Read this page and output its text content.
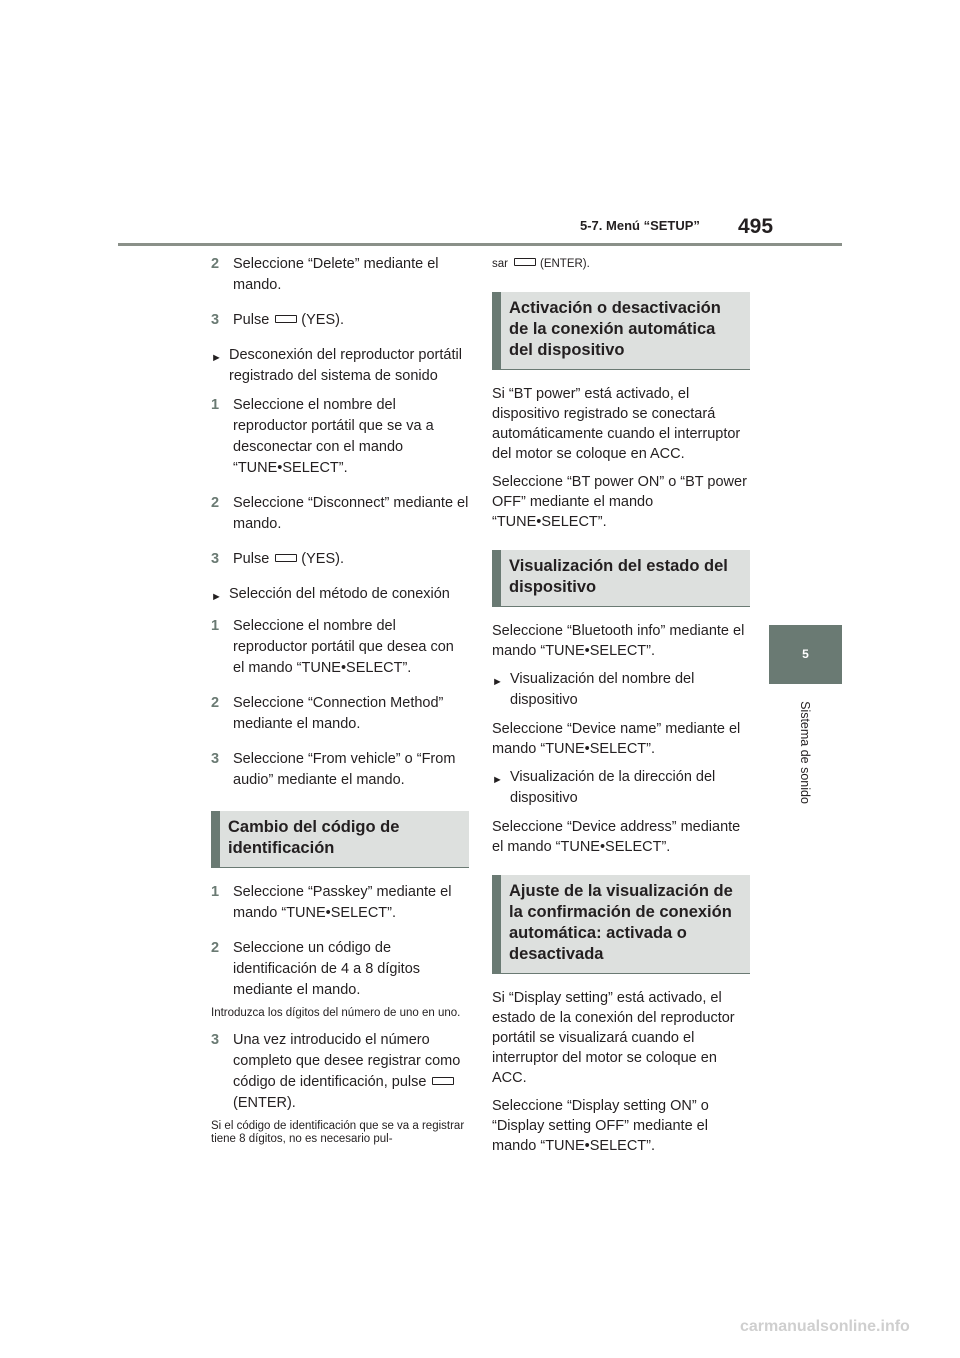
5-7. Menú “SETUP” 495
5
Sistema de sonido
2 Seleccione “Delete” mediante el mando.
3 Pulse (YES).
► Desconexión del reproductor portátil registrado del sistema de sonido
1 Seleccione el nombre del reproductor portátil que se va a desconectar con el mando “TUNE•SELECT”.
2 Seleccione “Disconnect” mediante el mando.
3 Pulse (YES).
► Selección del método de conexión
1 Seleccione el nombre del reproductor portátil que desea con el mando “TUNE•SELECT”.
2 Seleccione “Connection Method” mediante el mando.
3 Seleccione “From vehicle” o “From audio” mediante el mando.
Cambio del código de identificación
1 Seleccione “Passkey” mediante el mando “TUNE•SELECT”.
2 Seleccione un código de identificación de 4 a 8 dígitos mediante el mando.
Introduzca los dígitos del número de uno en uno.
3 Una vez introducido el número completo que desee registrar como código de identificación, pulse(ENTER).
Si el código de identificación que se va a registrar tiene 8 dígitos, no es necesario pul-
sar	(ENTER).
Activación o desactivación de la conexión automática del dispositivo

Si “BT power” está activado, el dispositivo registrado se conectará automáticamente cuando el interruptor del motor se coloque en ACC.

Seleccione “BT power ON” o “BT power OFF” mediante el mando “TUNE•SELECT”.

Visualización del estado del dispositivo

Seleccione “Bluetooth info” mediante el mando “TUNE•SELECT”.

► Visualización del nombre del dispositivo

Seleccione “Device name” mediante el mando “TUNE•SELECT”.

► Visualización de la dirección del dispositivo

Seleccione “Device address” mediante el mando “TUNE•SELECT”.

Ajuste de la visualización de la confirmación de conexión automática: activada o desactivada

Si “Display setting” está activado, el estado de la conexión del reproductor portátil se visualizará cuando el interruptor del motor se coloque en ACC.

Seleccione “Display setting ON” o “Display setting OFF” mediante el mando “TUNE•SELECT”.

carmanualsonline.info
